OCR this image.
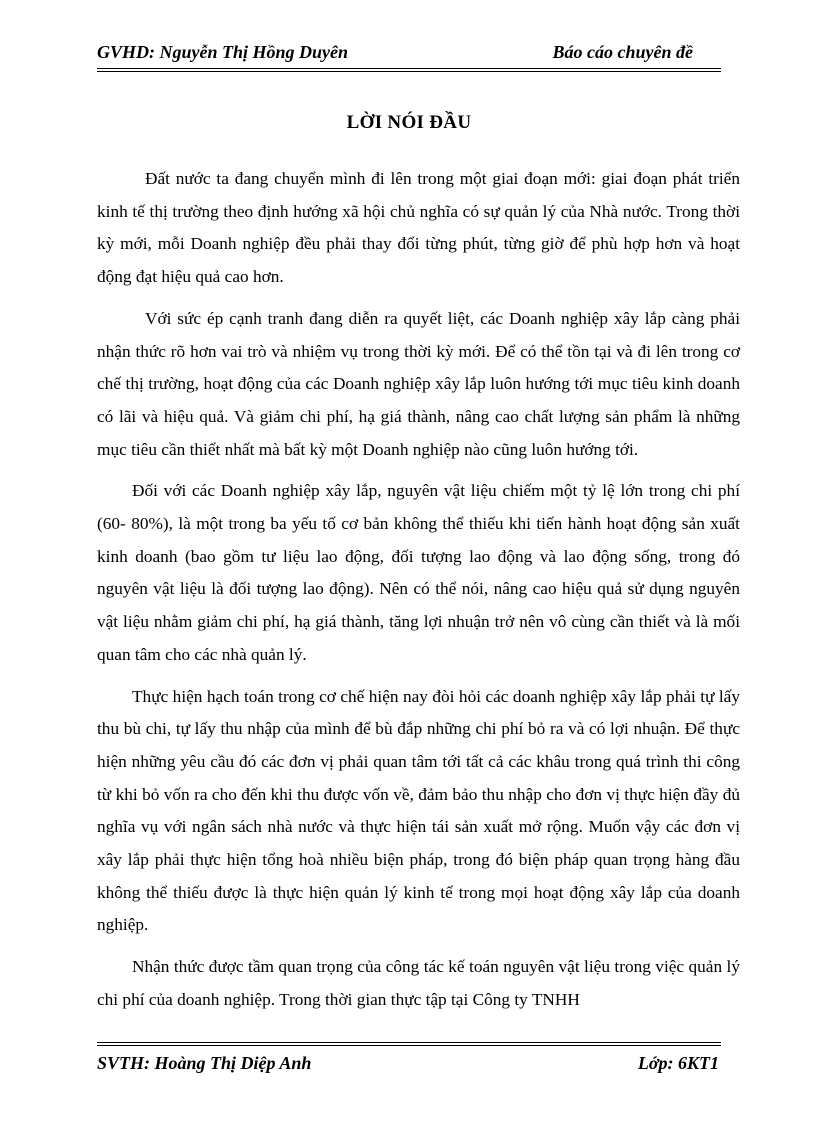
GVHD: Nguyễn Thị Hồng Duyên	Báo cáo chuyên đề
LỜI NÓI ĐẦU

Đất nước ta đang chuyển mình đi lên trong một giai đoạn mới: giai đoạn phát triển kinh tế thị trường theo định hướng xã hội chủ nghĩa có sự quản lý của Nhà nước. Trong thời kỳ mới, mỗi Doanh nghiệp đều phải thay đổi từng phút, từng giờ để phù hợp hơn và hoạt động đạt hiệu quả cao hơn.

Với sức ép cạnh tranh đang diễn ra quyết liệt, các Doanh nghiệp xây lắp càng phải nhận thức rõ hơn vai trò và nhiệm vụ trong thời kỳ mới. Để có thể tồn tại và đi lên trong cơ chế thị trường, hoạt động của các Doanh nghiệp xây lắp luôn hướng tới mục tiêu kinh doanh có lãi và hiệu quả. Và giảm chi phí, hạ giá thành, nâng cao chất lượng sản phẩm là những mục tiêu cần thiết nhất mà bất kỳ một Doanh nghiệp nào cũng luôn hướng tới.

Đối với các Doanh nghiệp xây lắp, nguyên vật liệu chiếm một tỷ lệ lớn trong chi phí (60- 80%), là một trong ba yếu tố cơ bản không thể thiếu khi tiến hành hoạt động sản xuất kinh doanh (bao gồm tư liệu lao động, đối tượng lao động và lao động sống, trong đó nguyên vật liệu là đối tượng lao động). Nên có thể nói, nâng cao hiệu quả sử dụng nguyên vật liệu nhằm giảm chi phí, hạ giá thành, tăng lợi nhuận trở nên vô cùng cần thiết và là mối quan tâm cho các nhà quản lý.

Thực hiện hạch toán trong cơ chế hiện nay đòi hỏi các doanh nghiệp xây lắp phải tự lấy thu bù chi, tự lấy thu nhập của mình để bù đắp những chi phí bỏ ra và có lợi nhuận. Để thực hiện những yêu cầu đó các đơn vị phải quan tâm tới tất cả các khâu trong quá trình thi công từ khi bỏ vốn ra cho đến khi thu được vốn về, đảm bảo thu nhập cho đơn vị thực hiện đầy đủ nghĩa vụ với ngân sách nhà nước và thực hiện tái sản xuất mở rộng. Muốn vậy các đơn vị xây lắp phải thực hiện tổng hoà nhiều biện pháp, trong đó biện pháp quan trọng hàng đầu không thể thiếu được là thực hiện quản lý kinh tế trong mọi hoạt động xây lắp của doanh nghiệp.

Nhận thức được tầm quan trọng của công tác kế toán nguyên vật liệu trong việc quản lý chi phí của doanh nghiệp. Trong thời gian thực tập tại Công ty TNHH

SVTH: Hoàng Thị Diệp Anh	Lớp: 6KT1
